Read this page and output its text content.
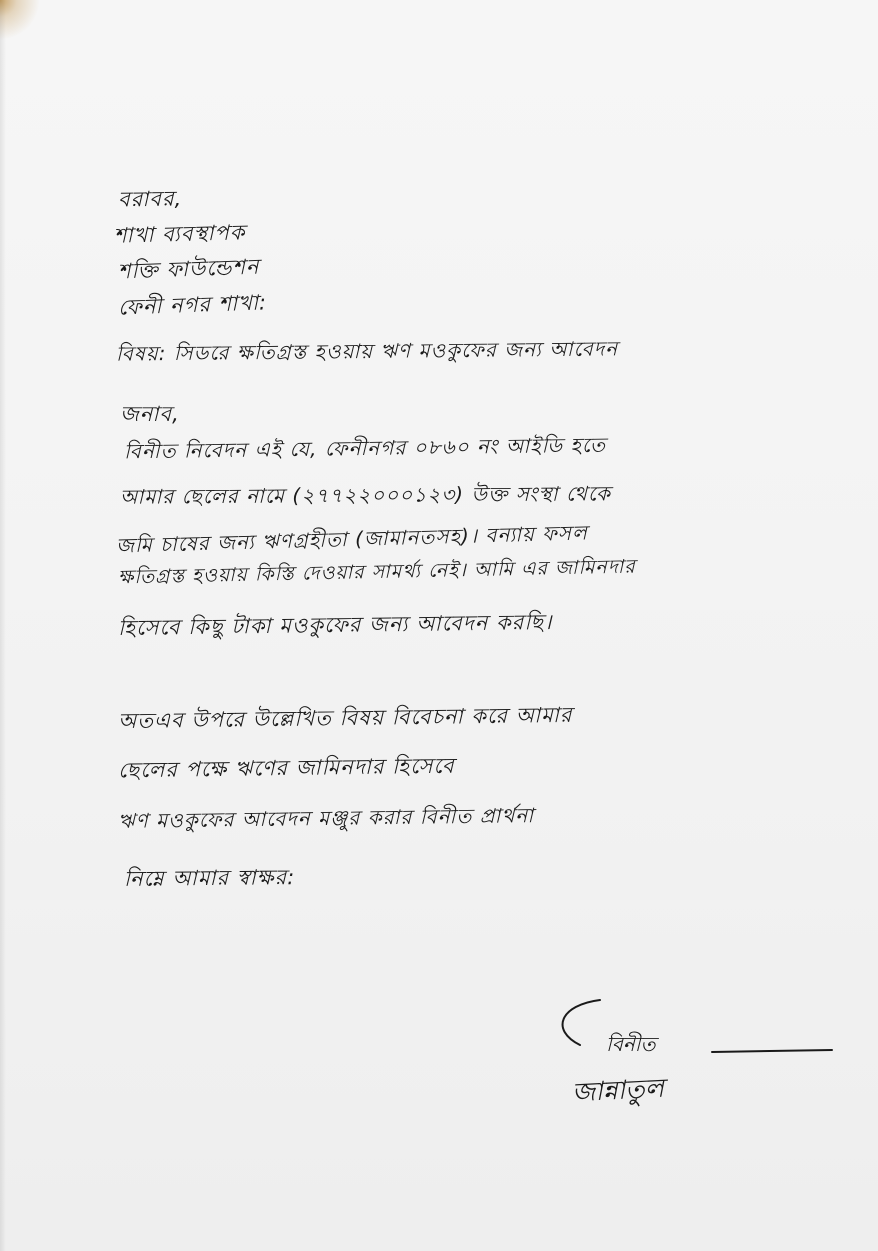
বরাবর,
শাখা ব্যবস্থাপক
শক্তি ফাউন্ডেশন
ফেনী নগর শাখা:
বিষয়: সিডরে ক্ষতিগ্রস্ত হওয়ায় ঋণ মওকুফের জন্য আবেদন
জনাব,
বিনীত নিবেদন এই যে, ফেনীনগর ০৮৬০ নং আইডি হতে
আমার ছেলের নামে (২৭৭২২০০০১২৩) উক্ত সংস্থা থেকে
জমি চাষের জন্য ঋণগ্রহীতা (জামানতসহ)। বন্যায় ফসল
ক্ষতিগ্রস্ত হওয়ায় কিস্তি দেওয়ার সামর্থ্য নেই। আমি এর জামিনদার
হিসেবে কিছু টাকা মওকুফের জন্য আবেদন করছি।
অতএব উপরে উল্লেখিত বিষয় বিবেচনা করে আমার
ছেলের পক্ষে ঋণের জামিনদার হিসেবে
ঋণ মওকুফের আবেদন মঞ্জুর করার বিনীত প্রার্থনা
নিম্নে আমার স্বাক্ষর:
বিনীত
জান্নাতুল
